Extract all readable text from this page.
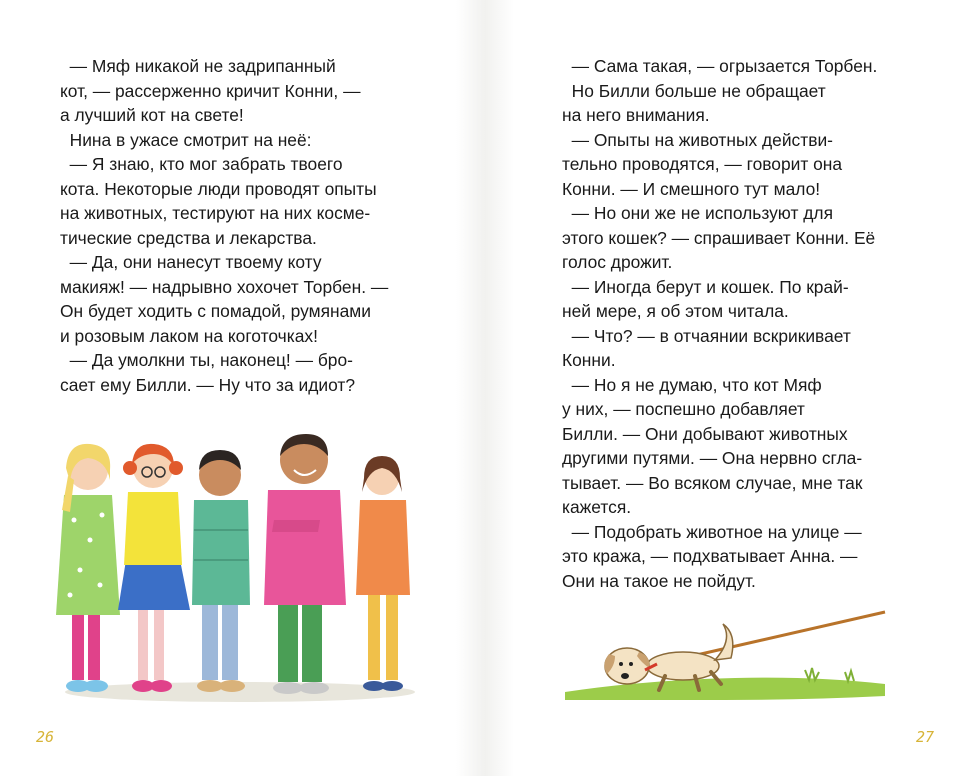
— Мяф никакой не задрипанный

кот, — рассерженно кричит Конни, —

а лучший кот на свете!

Нина в ужасе смотрит на неё:

— Я знаю, кто мог забрать твоего

кота. Некоторые люди проводят опыты

на животных, тестируют на них космe-

тические средства и лекарства.

— Да, они нанесут твоему коту

макияж! — надрывно хохочет Торбен. —

Он будет ходить с помадой, румянами

и розовым лаком на коготочках!

— Да умолкни ты, наконец! — бро-

сает ему Билли. — Ну что за идиот?

26

— Сама такая, — огрызается Торбен.

Но Билли больше не обращает

на него внимания.

— Опыты на животных действи-

тельно проводятся, — говорит она

Конни. — И смешного тут мало!

— Но они же не используют для

этого кошек? — спрашивает Конни. Её

голос дрожит.

— Иногда берут и кошек. По край-

ней мере, я об этом читала.

— Что? — в отчаянии вскрикивает

Конни.

— Но я не думаю, что кот Мяф

у них, — поспешно добавляет

Билли. — Они добывают животных

другими путями. — Она нервно сгла-

тывает. — Во всяком случае, мне так

кажется.

— Подобрать животное на улице —

это кража, — подхватывает Анна. —

Они на такое не пойдут.

27
